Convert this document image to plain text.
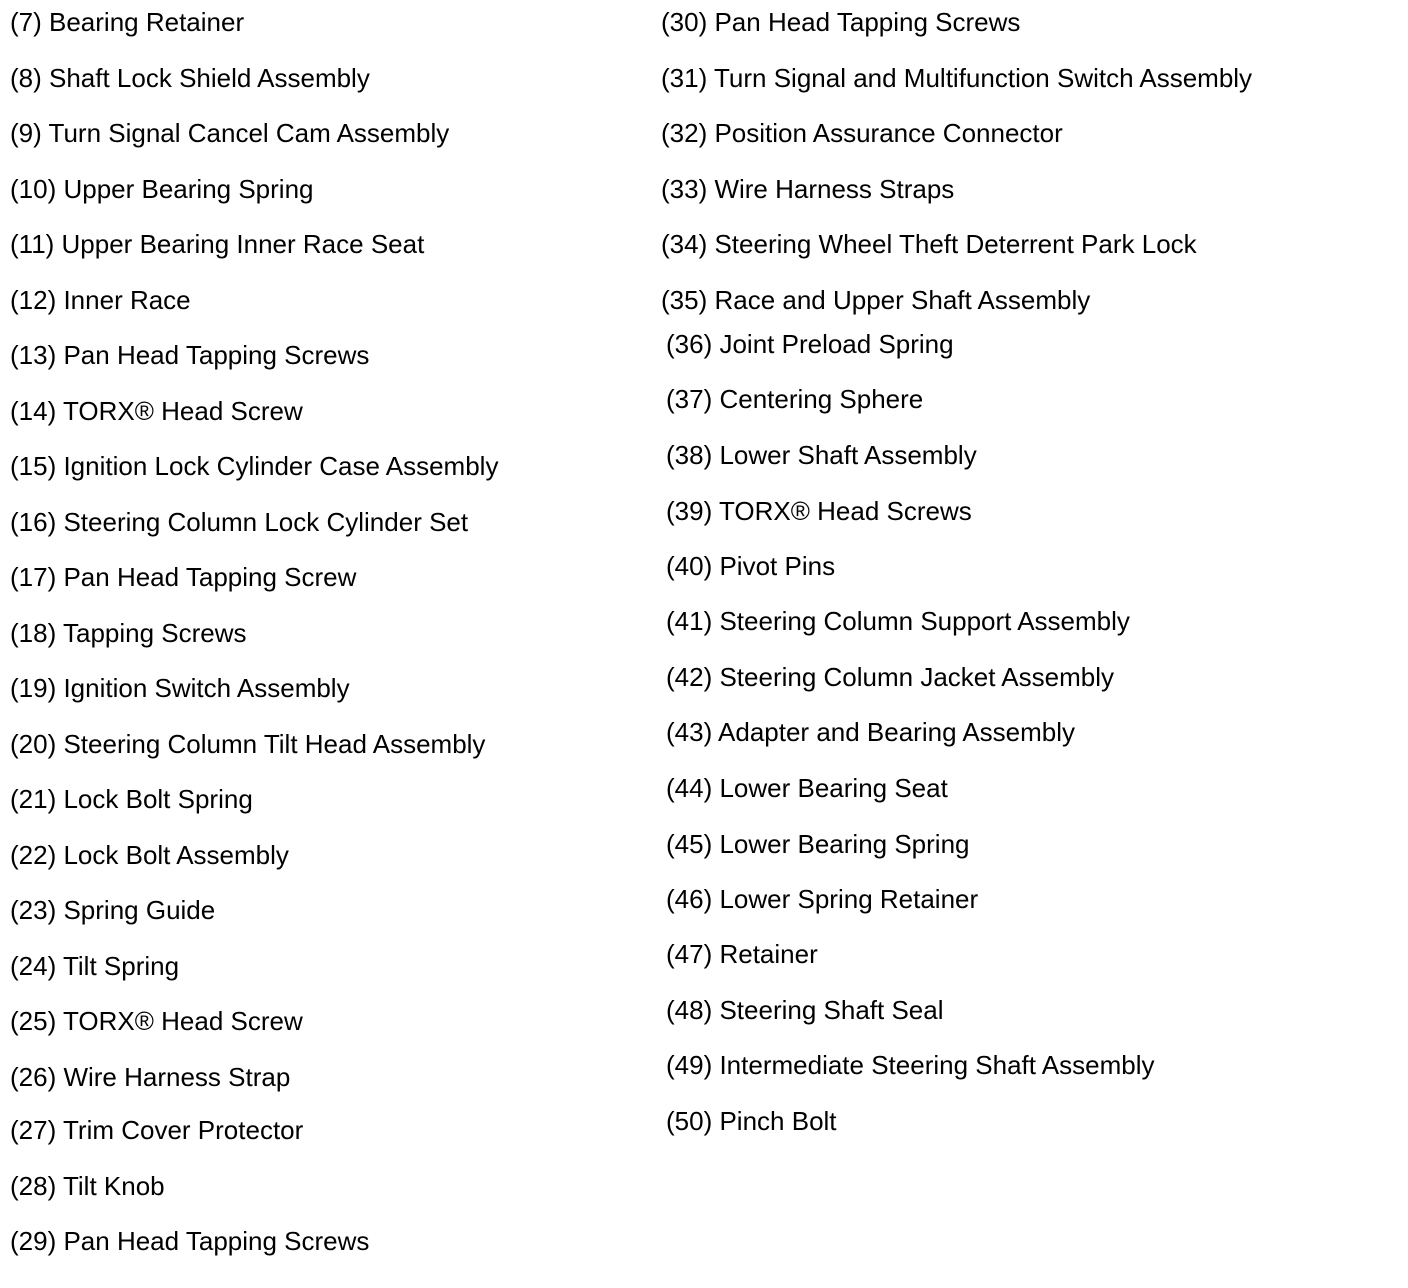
(7) Bearing Retainer

(8) Shaft Lock Shield Assembly

(9) Turn Signal Cancel Cam Assembly

(10) Upper Bearing Spring

(11) Upper Bearing Inner Race Seat

(12) Inner Race

(13) Pan Head Tapping Screws

(14) TORX® Head Screw

(15) Ignition Lock Cylinder Case Assembly

(16) Steering Column Lock Cylinder Set

(17) Pan Head Tapping Screw

(18) Tapping Screws

(19) Ignition Switch Assembly

(20) Steering Column Tilt Head Assembly

(21) Lock Bolt Spring

(22) Lock Bolt Assembly

(23) Spring Guide

(24) Tilt Spring

(25) TORX® Head Screw

(26) Wire Harness Strap

(27) Trim Cover Protector

(28) Tilt Knob

(29) Pan Head Tapping Screws

(30) Pan Head Tapping Screws

(31) Turn Signal and Multifunction Switch Assembly

(32) Position Assurance Connector

(33) Wire Harness Straps

(34) Steering Wheel Theft Deterrent Park Lock

(35) Race and Upper Shaft Assembly

(36) Joint Preload Spring

(37) Centering Sphere

(38) Lower Shaft Assembly

(39) TORX® Head Screws

(40) Pivot Pins

(41) Steering Column Support Assembly

(42) Steering Column Jacket Assembly

(43) Adapter and Bearing Assembly

(44) Lower Bearing Seat

(45) Lower Bearing Spring

(46) Lower Spring Retainer

(47) Retainer

(48) Steering Shaft Seal

(49) Intermediate Steering Shaft Assembly

(50) Pinch Bolt
